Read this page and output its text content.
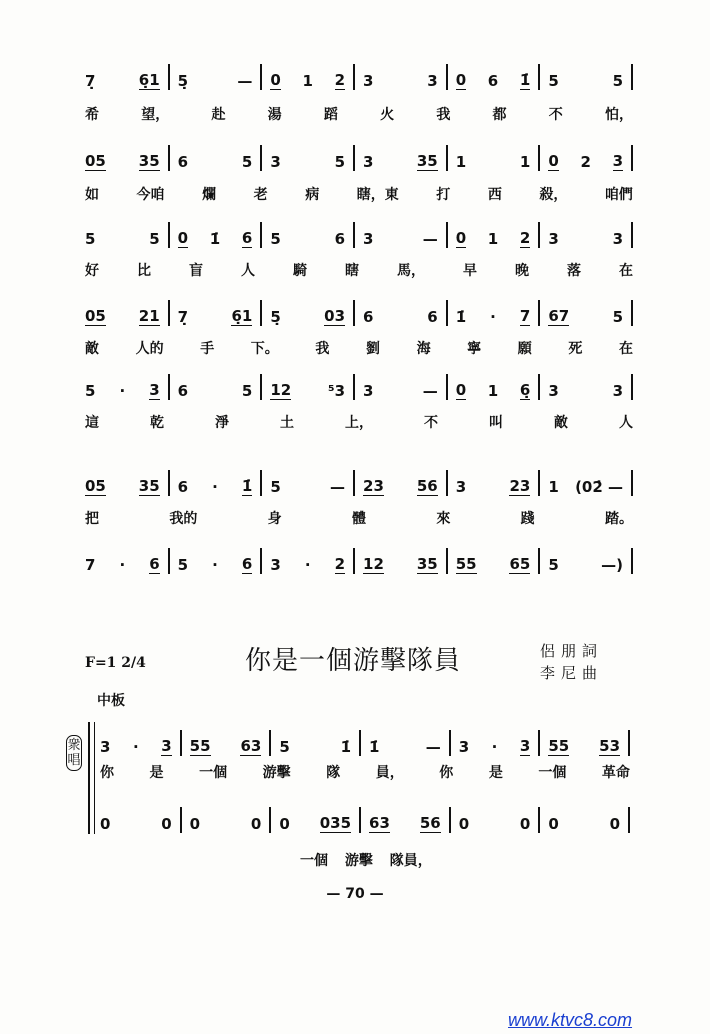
7̣	6̣1 5̣	— 0 1 2 3	3 0 6 1̇ 5	5
希	望，	赴	湯	蹈	火	我	都	不	怕，
05 35 6	5 3	5 3	35 1	1 0 2 3
如	今咱	爛	老	病	瞎，東	打	西	殺，	咱們
5	5 0 1̇ 6 5	6 3	— 0 1 2 3	3
好	比	盲	人	騎	瞎	馬，	早	晚	落	在
05 21 7̣	6̣1 5̣	03 6	6 1̇ · 7 67	5
敵	人的	手	下。	我	劉	海	寧	願	死	在
5 · 3 6	5 12 ⁵3 3	— 0 1 6̣ 3	3
這	乾	淨	土	上，	不	叫	敵	人
05 35 6 · 1̇ 5	— 23 56 3	23 1 (02̇ —
把	我的	身	體	來	踐	踏。
7 · 6 5 · 6 3 · 2 12 35 55 65 5	—)
F=1 2/4	你是一個游擊隊員	侶朋詞
李尼曲
中板
衆唱
3 · 3 55 63 5	1̇ 1̇	— 3 · 3 55 53
你	是	一個	游擊	隊	員，	你	是	一個	革命
0	0 0	0 0 035 63 56 0	0 0	0
一個 游擊 隊員，
— 70 —
www.ktvc8.com
